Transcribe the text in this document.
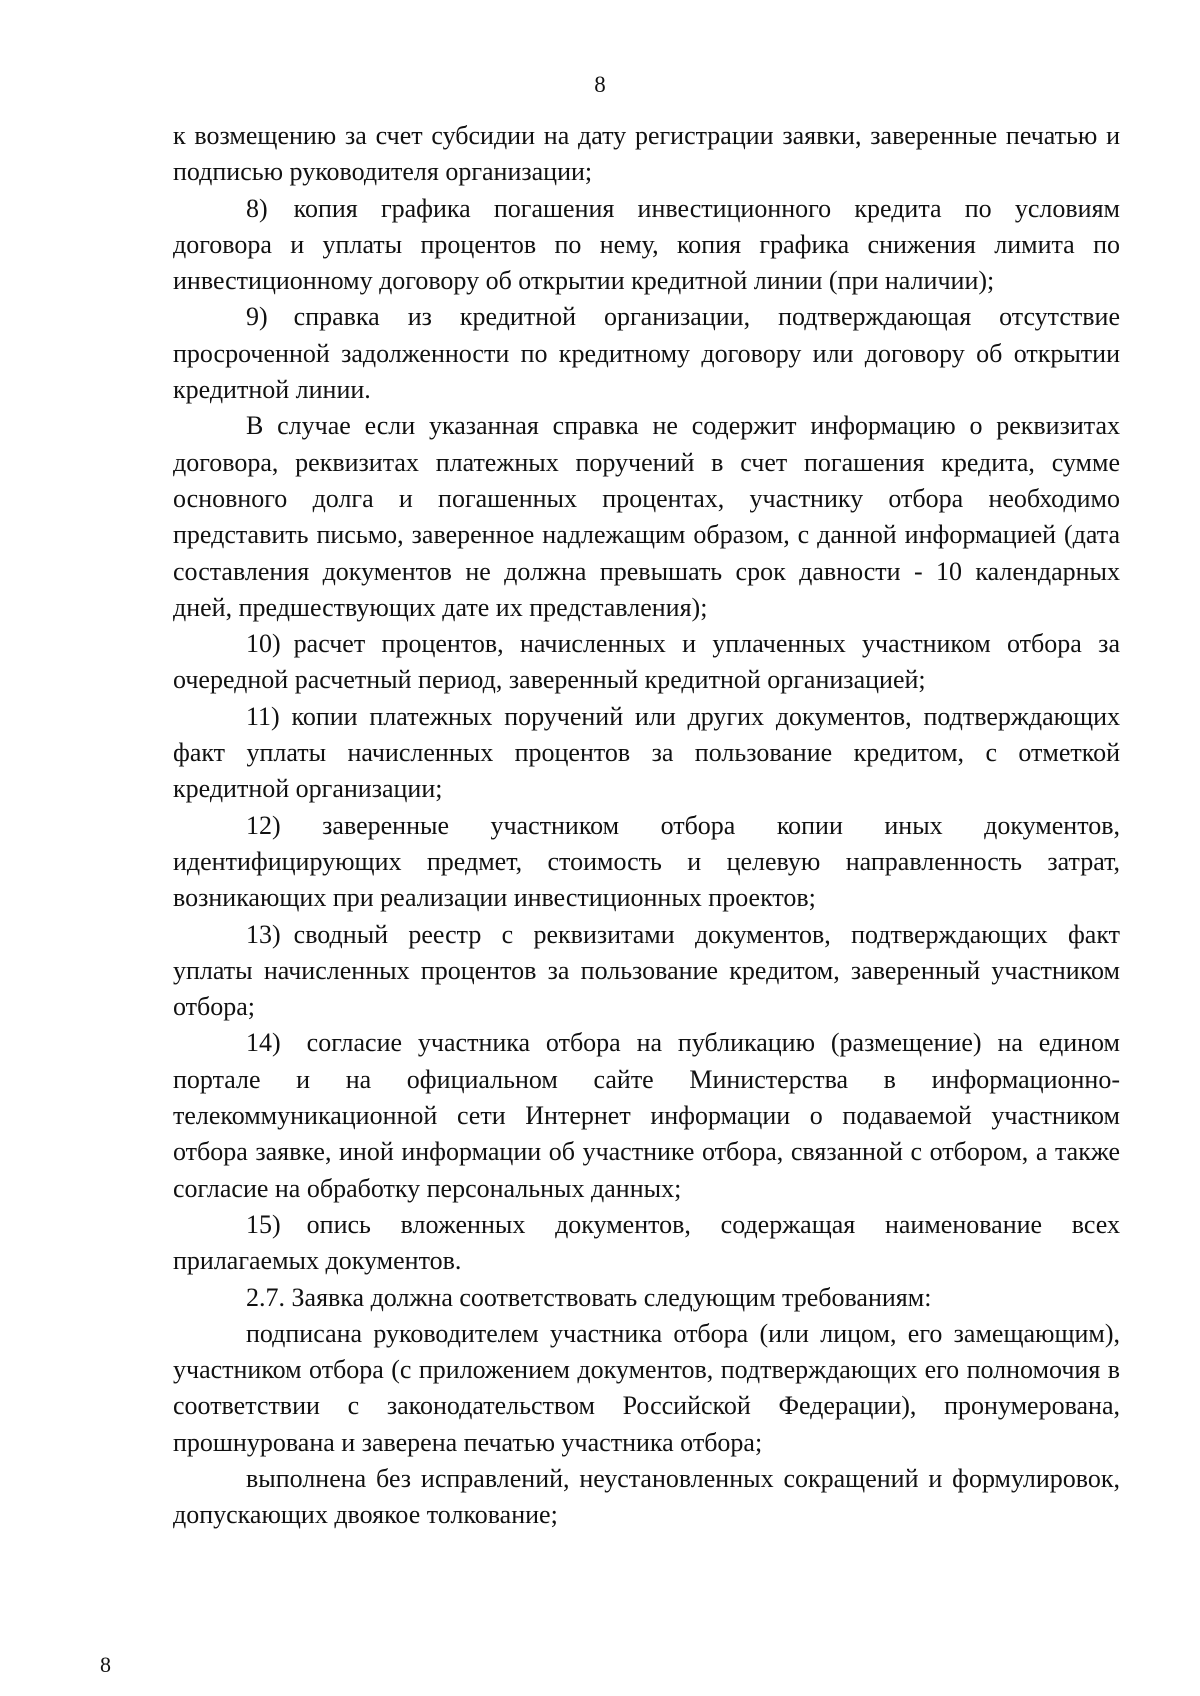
8

к возмещению за счет субсидии на дату регистрации заявки, заверенные печатью и подписью руководителя организации;

8) копия графика погашения инвестиционного кредита по условиям договора и уплаты процентов по нему, копия графика снижения лимита по инвестиционному договору об открытии кредитной линии (при наличии);

9) справка из кредитной организации, подтверждающая отсутствие просроченной задолженности по кредитному договору или договору об открытии кредитной линии.

В случае если указанная справка не содержит информацию о реквизитах договора, реквизитах платежных поручений в счет погашения кредита, сумме основного долга и погашенных процентах, участнику отбора необходимо представить письмо, заверенное надлежащим образом, с данной информацией (дата составления документов не должна превышать срок давности - 10 календарных дней, предшествующих дате их представления);

10) расчет процентов, начисленных и уплаченных участником отбора за очередной расчетный период, заверенный кредитной организацией;

11) копии платежных поручений или других документов, подтверждающих факт уплаты начисленных процентов за пользование кредитом, с отметкой кредитной организации;

12) заверенные участником отбора копии иных документов, идентифицирующих предмет, стоимость и целевую направленность затрат, возникающих при реализации инвестиционных проектов;

13) сводный реестр с реквизитами документов, подтверждающих факт уплаты начисленных процентов за пользование кредитом, заверенный участником отбора;

14) согласие участника отбора на публикацию (размещение) на едином портале и на официальном сайте Министерства в информационно-телекоммуникационной сети Интернет информации о подаваемой участником отбора заявке, иной информации об участнике отбора, связанной с отбором, а также согласие на обработку персональных данных;

15) опись вложенных документов, содержащая наименование всех прилагаемых документов.

2.7. Заявка должна соответствовать следующим требованиям:

подписана руководителем участника отбора (или лицом, его замещающим), участником отбора (с приложением документов, подтверждающих его полномочия в соответствии с законодательством Российской Федерации), пронумерована, прошнурована и заверена печатью участника отбора;

выполнена без исправлений, неустановленных сокращений и формулировок, допускающих двоякое толкование;

8
